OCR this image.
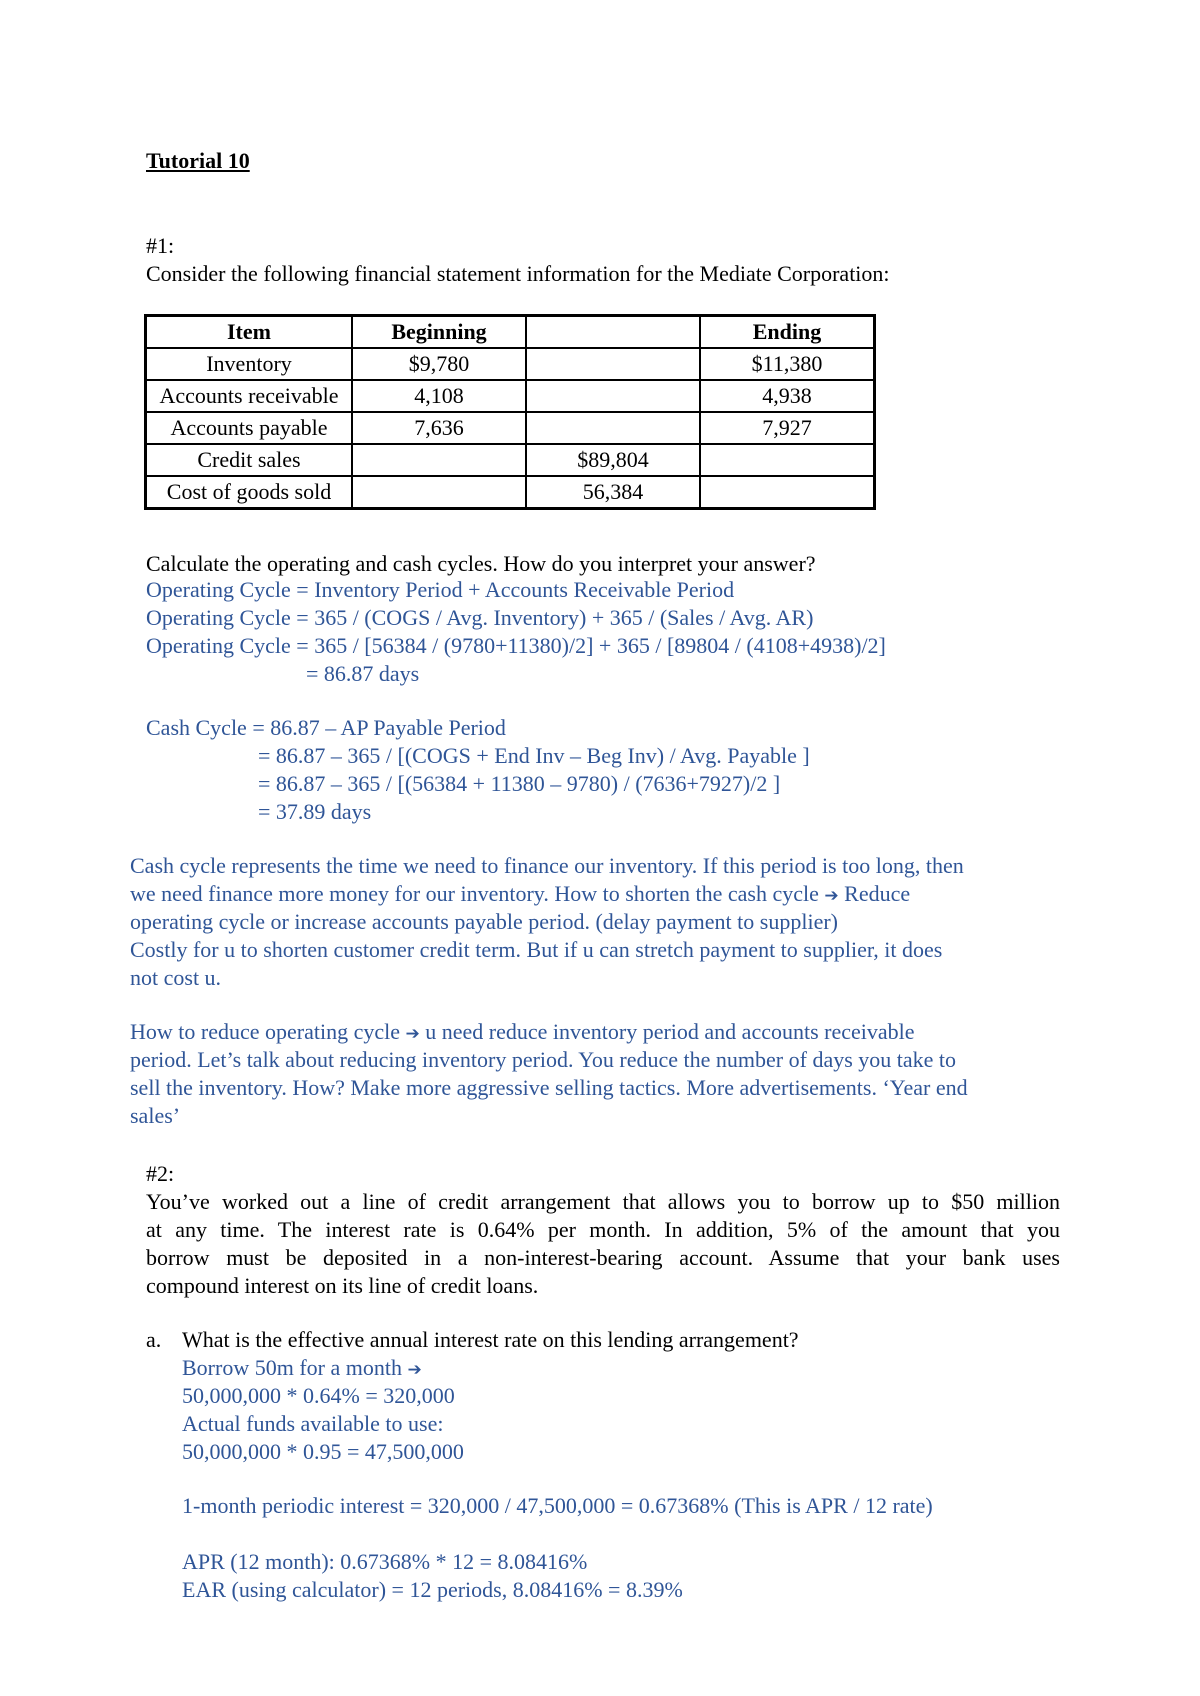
Tutorial 10
#1:
Consider the following financial statement information for the Mediate Corporation:
Item	Beginning		Ending
Inventory	$9,780		$11,380
Accounts receivable	4,108		4,938
Accounts payable	7,636		7,927
Credit sales		$89,804	
Cost of goods sold		56,384	
Calculate the operating and cash cycles. How do you interpret your answer?
Operating Cycle = Inventory Period + Accounts Receivable Period
Operating Cycle = 365 / (COGS / Avg. Inventory) + 365 / (Sales / Avg. AR)
Operating Cycle = 365 / [56384 / (9780+11380)/2] + 365 / [89804 / (4108+4938)/2]
= 86.87 days
Cash Cycle = 86.87 – AP Payable Period
= 86.87 – 365 / [(COGS + End Inv – Beg Inv) / Avg. Payable ]
= 86.87 – 365 / [(56384 + 11380 – 9780) / (7636+7927)/2 ]
= 37.89 days
Cash cycle represents the time we need to finance our inventory. If this period is too long, then
we need finance more money for our inventory. How to shorten the cash cycle ➔ Reduce
operating cycle or increase accounts payable period. (delay payment to supplier)
Costly for u to shorten customer credit term. But if u can stretch payment to supplier, it does
not cost u.
How to reduce operating cycle ➔ u need reduce inventory period and accounts receivable
period. Let’s talk about reducing inventory period. You reduce the number of days you take to
sell the inventory. How? Make more aggressive selling tactics. More advertisements. ‘Year end
sales’
#2:
You’ve worked out a line of credit arrangement that allows you to borrow up to $50 million
at any time. The interest rate is 0.64% per month. In addition, 5% of the amount that you
borrow must be deposited in a non-interest-bearing account. Assume that your bank uses
compound interest on its line of credit loans.
a. What is the effective annual interest rate on this lending arrangement?
Borrow 50m for a month ➔
50,000,000 * 0.64% = 320,000
Actual funds available to use:
50,000,000 * 0.95 = 47,500,000
1-month periodic interest = 320,000 / 47,500,000 = 0.67368% (This is APR / 12 rate)
APR (12 month): 0.67368% * 12 = 8.08416%
EAR (using calculator) = 12 periods, 8.08416% = 8.39%
